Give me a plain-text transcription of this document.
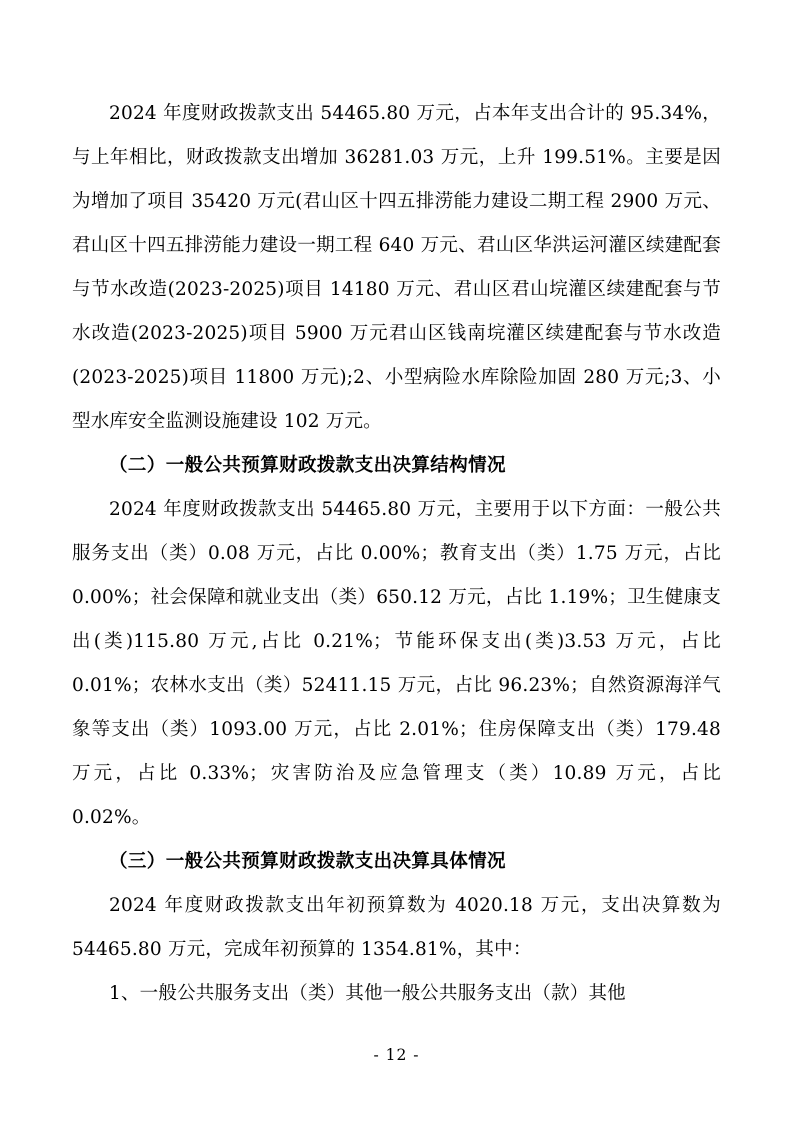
2024 年度财政拨款支出 54465.80 万元，占本年支出合计的 95.34%，与上年相比，财政拨款支出增加 36281.03 万元，上升 199.51%。主要是因为增加了项目 35420 万元(君山区十四五排涝能力建设二期工程 2900 万元、君山区十四五排涝能力建设一期工程 640 万元、君山区华洪运河灌区续建配套与节水改造(2023-2025)项目 14180 万元、君山区君山垸灌区续建配套与节水改造(2023-2025)项目 5900 万元君山区钱南垸灌区续建配套与节水改造(2023-2025)项目 11800 万元);2、小型病险水库除险加固 280 万元;3、小型水库安全监测设施建设 102 万元。

（二）一般公共预算财政拨款支出决算结构情况

2024 年度财政拨款支出 54465.80 万元，主要用于以下方面：一般公共服务支出（类）0.08 万元，占比 0.00%；教育支出（类）1.75 万元，占比 0.00%；社会保障和就业支出（类）650.12 万元，占比 1.19%；卫生健康支出(类)115.80 万元,占比 0.21%；节能环保支出(类)3.53 万元，占比 0.01%；农林水支出（类）52411.15 万元，占比 96.23%；自然资源海洋气象等支出（类）1093.00 万元，占比 2.01%；住房保障支出（类）179.48 万元，占比 0.33%；灾害防治及应急管理支（类）10.89 万元，占比 0.02%。

（三）一般公共预算财政拨款支出决算具体情况

2024 年度财政拨款支出年初预算数为 4020.18 万元，支出决算数为 54465.80 万元，完成年初预算的 1354.81%，其中：

1、一般公共服务支出（类）其他一般公共服务支出（款）其他

- 12 -
